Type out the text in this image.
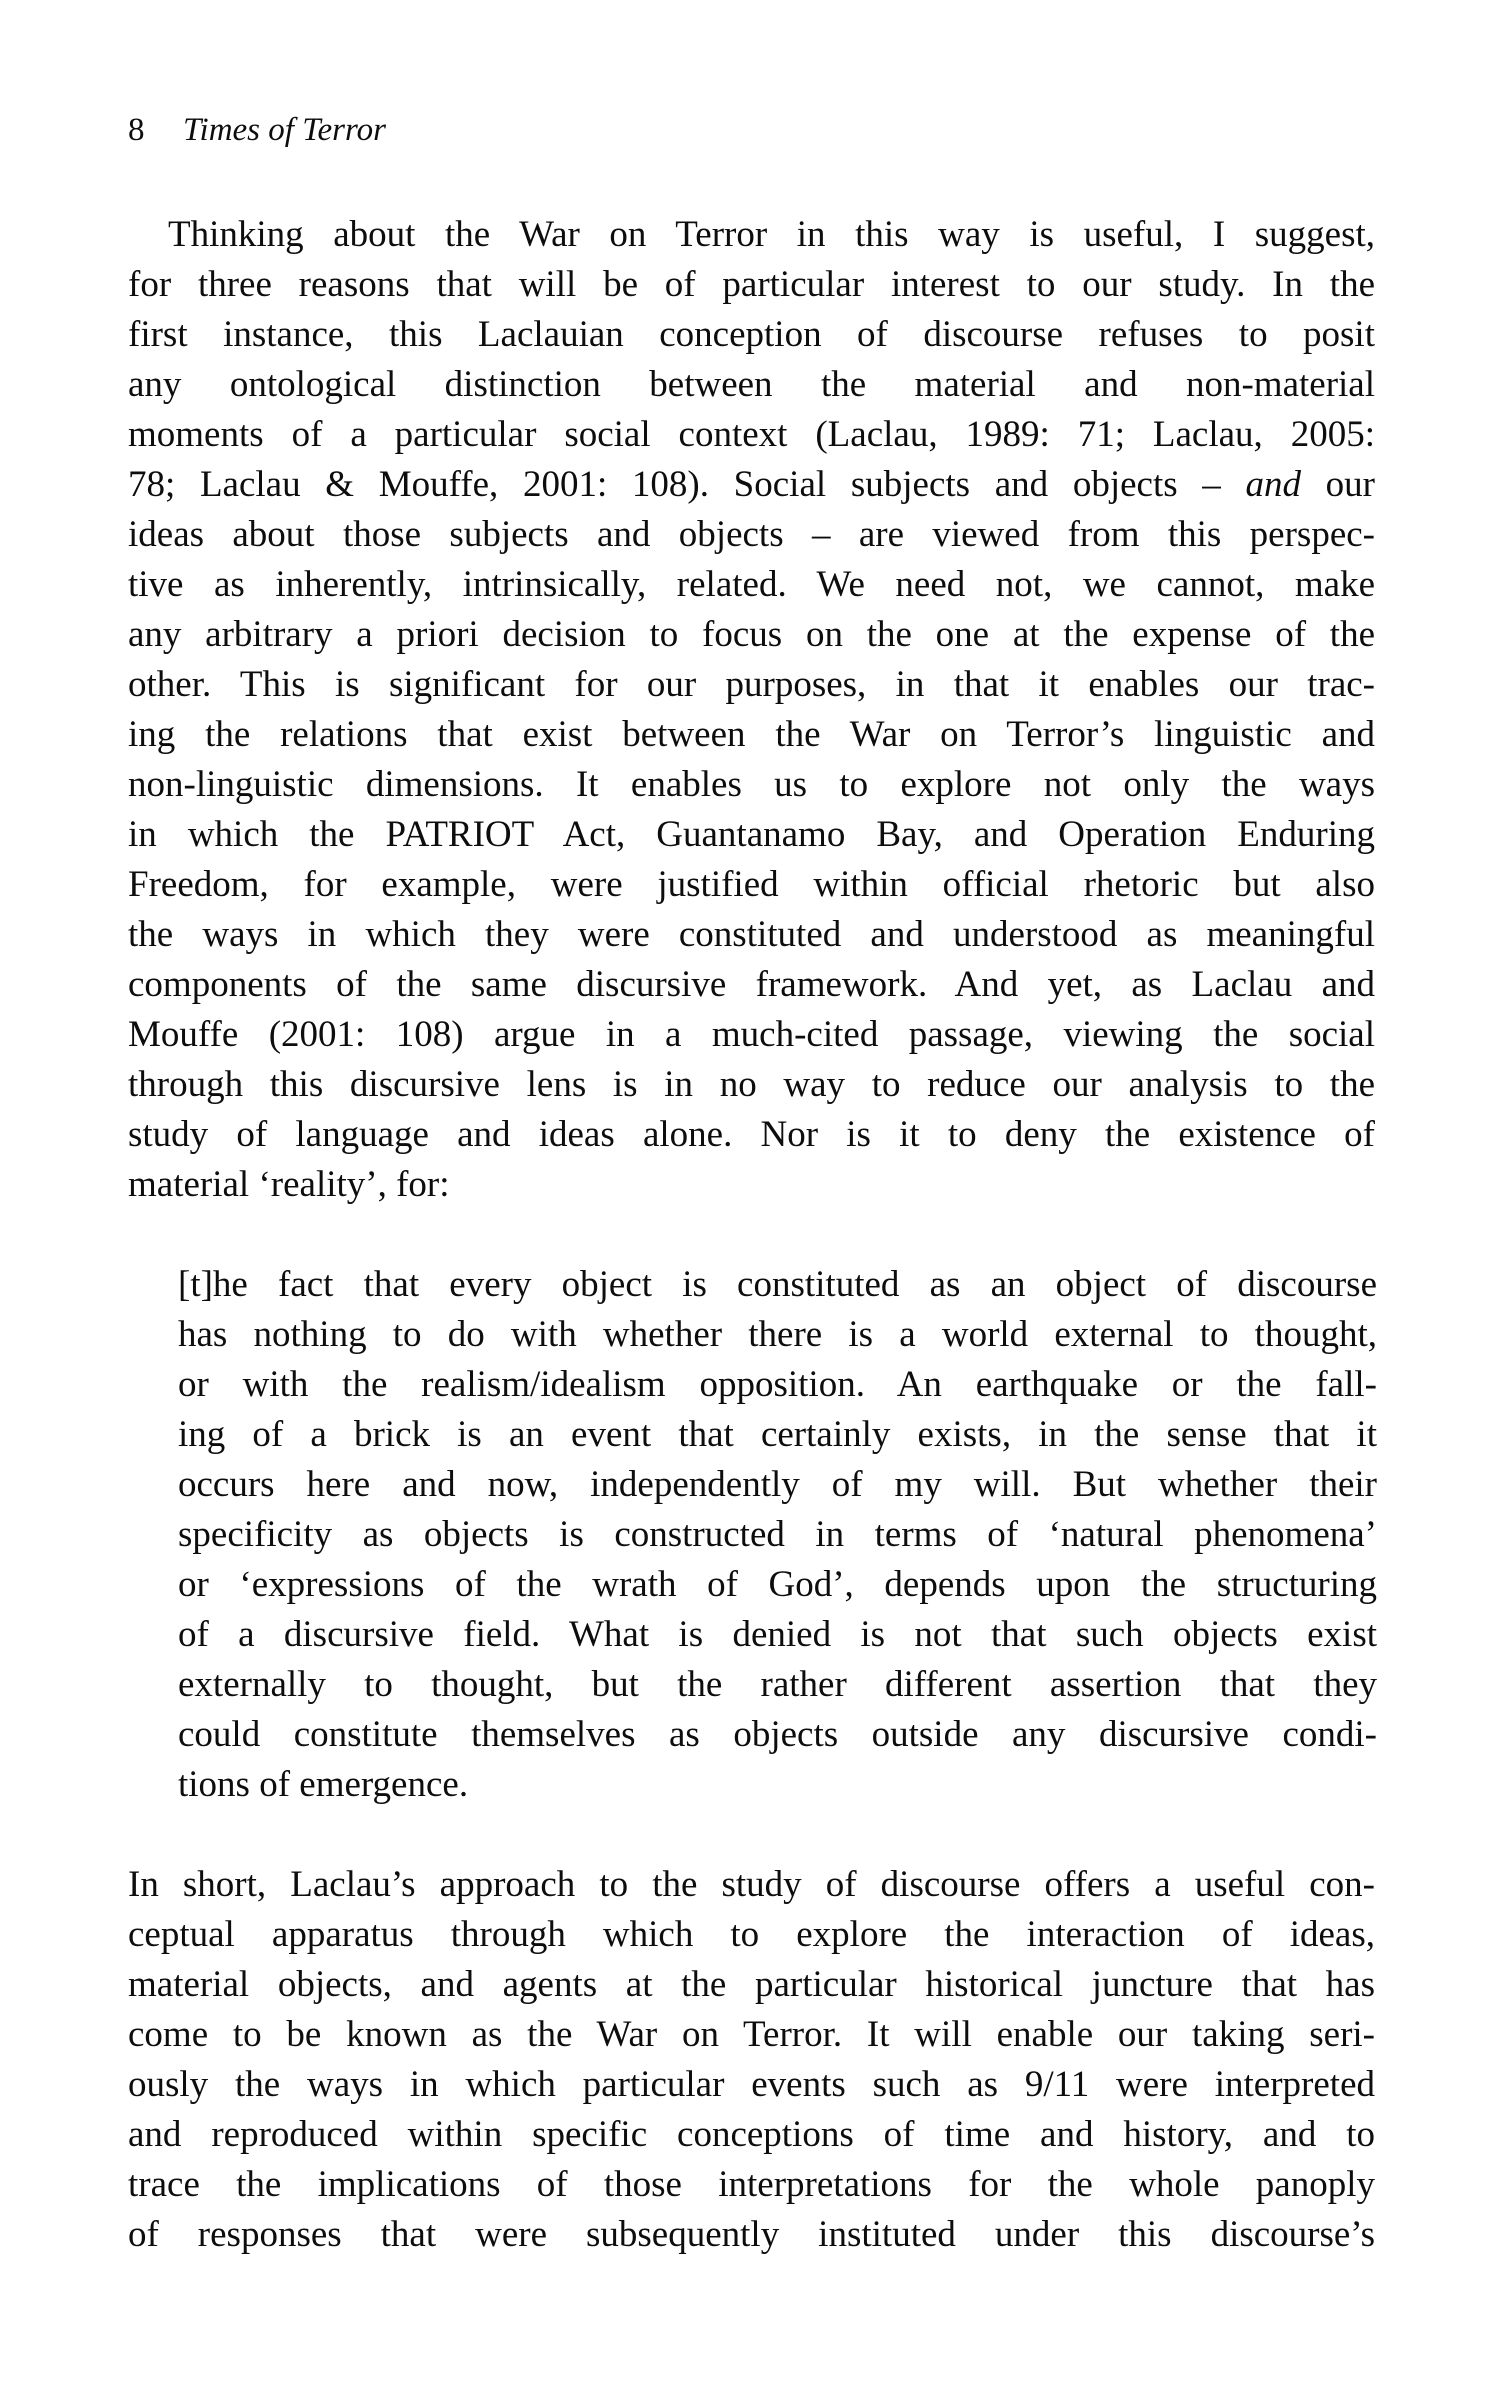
8 Times of Terror
Thinking about the War on Terror in this way is useful, I suggest,
for three reasons that will be of particular interest to our study. In the
first instance, this Laclauian conception of discourse refuses to posit
any ontological distinction between the material and non-material
moments of a particular social context (Laclau, 1989: 71; Laclau, 2005:
78; Laclau & Mouffe, 2001: 108). Social subjects and objects – and our
ideas about those subjects and objects – are viewed from this perspec-
tive as inherently, intrinsically, related. We need not, we cannot, make
any arbitrary a priori decision to focus on the one at the expense of the
other. This is significant for our purposes, in that it enables our trac-
ing the relations that exist between the War on Terror’s linguistic and
non-linguistic dimensions. It enables us to explore not only the ways
in which the PATRIOT Act, Guantanamo Bay, and Operation Enduring
Freedom, for example, were justified within official rhetoric but also
the ways in which they were constituted and understood as meaningful
components of the same discursive framework. And yet, as Laclau and
Mouffe (2001: 108) argue in a much-cited passage, viewing the social
through this discursive lens is in no way to reduce our analysis to the
study of language and ideas alone. Nor is it to deny the existence of
material ‘reality’, for:
[t]he fact that every object is constituted as an object of discourse
has nothing to do with whether there is a world external to thought,
or with the realism/idealism opposition. An earthquake or the fall-
ing of a brick is an event that certainly exists, in the sense that it
occurs here and now, independently of my will. But whether their
specificity as objects is constructed in terms of ‘natural phenomena’
or ‘expressions of the wrath of God’, depends upon the structuring
of a discursive field. What is denied is not that such objects exist
externally to thought, but the rather different assertion that they
could constitute themselves as objects outside any discursive condi-
tions of emergence.
In short, Laclau’s approach to the study of discourse offers a useful con-
ceptual apparatus through which to explore the interaction of ideas,
material objects, and agents at the particular historical juncture that has
come to be known as the War on Terror. It will enable our taking seri-
ously the ways in which particular events such as 9/11 were interpreted
and reproduced within specific conceptions of time and history, and to
trace the implications of those interpretations for the whole panoply
of responses that were subsequently instituted under this discourse’s
